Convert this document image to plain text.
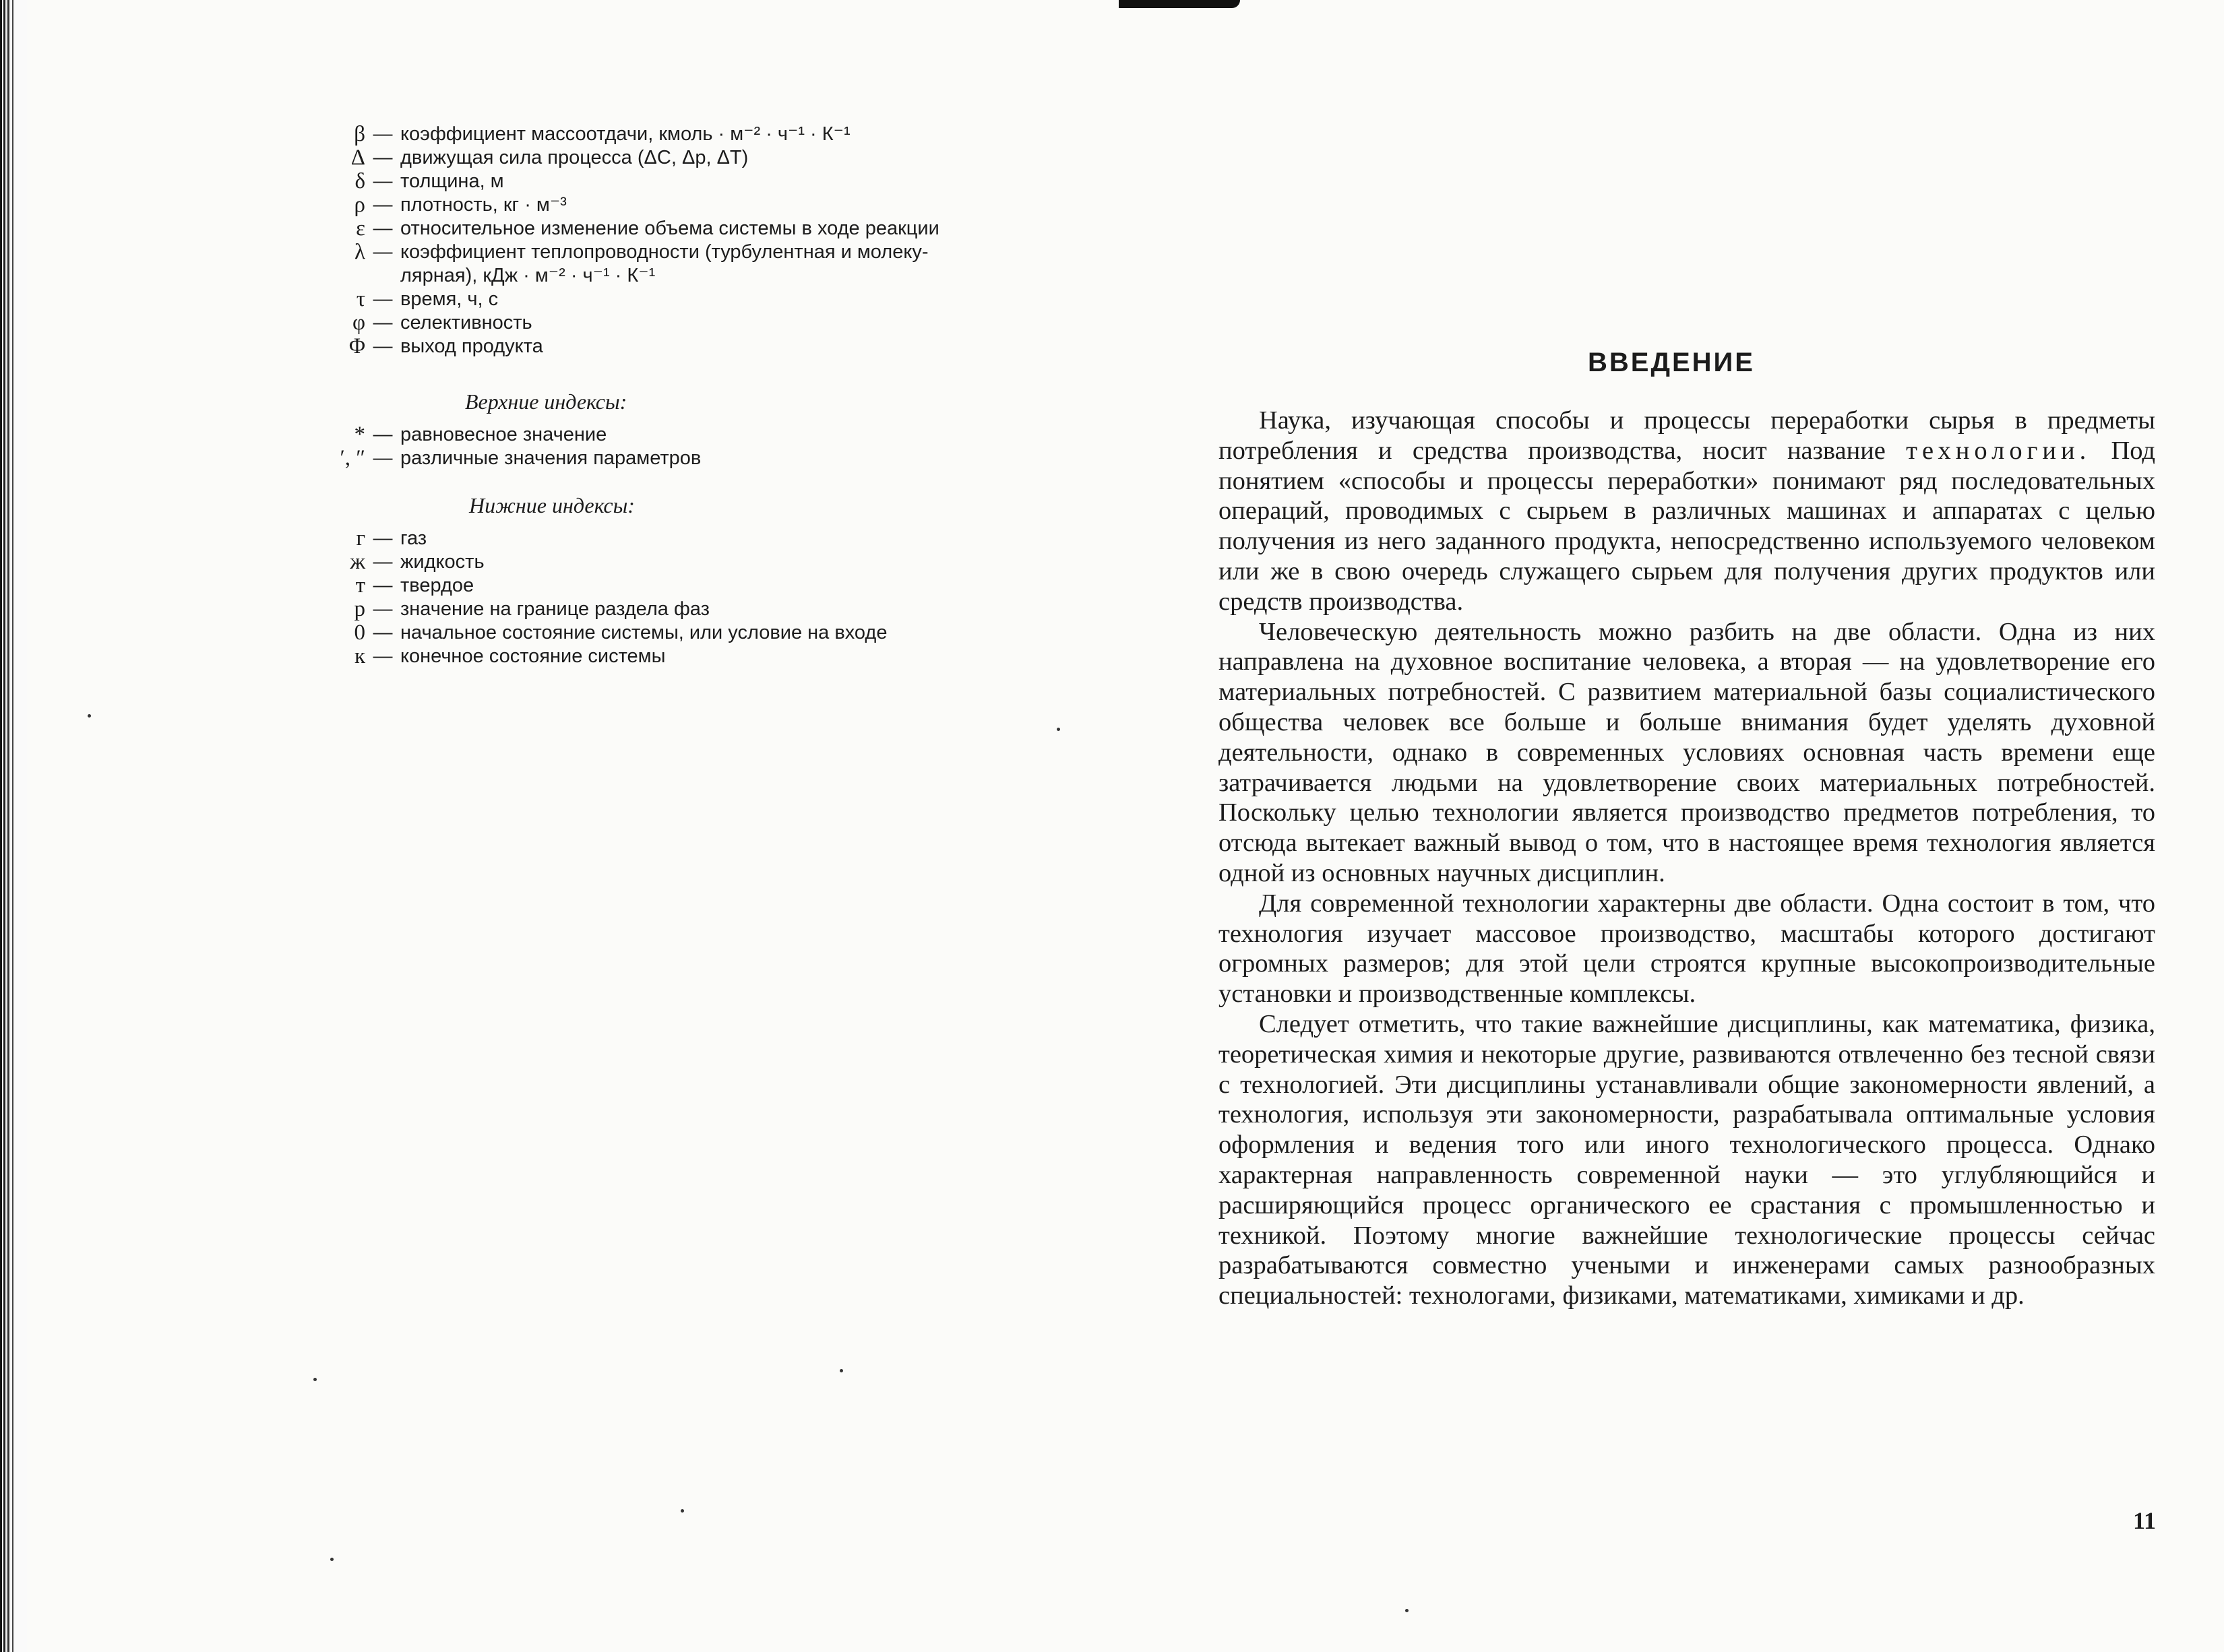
β — коэффициент массоотдачи, кмоль · м⁻² · ч⁻¹ · К⁻¹
Δ — движущая сила процесса (ΔC, Δp, ΔT)
δ — толщина, м
ρ — плотность, кг · м⁻³
ε — относительное изменение объема системы в ходе реакции
λ — коэффициент теплопроводности (турбулентная и молеку-
лярная), кДж · м⁻² · ч⁻¹ · К⁻¹
τ — время, ч, с
φ — селективность
Φ — выход продукта
Верхние индексы:
* — равновесное значение
′, ″ — различные значения параметров
Нижние индексы:
г — газ
ж — жидкость
т — твердое
р — значение на границе раздела фаз
0 — начальное состояние системы, или условие на входе
к — конечное состояние системы
ВВЕДЕНИЕ

Наука, изучающая способы и процессы переработки сырья в предметы потребления и средства производства, носит название технологии. Под понятием «способы и процессы переработки» понимают ряд последовательных операций, проводимых с сырьем в различных машинах и аппаратах с целью получения из него заданного продукта, непосредственно используемого человеком или же в свою очередь служащего сырьем для получения других продуктов или средств производства.

Человеческую деятельность можно разбить на две области. Одна из них направлена на духовное воспитание человека, а вторая — на удовлетворение его материальных потребностей. С развитием материальной базы социалистического общества человек все больше и больше внимания будет уделять духовной деятельности, однако в современных условиях основная часть времени еще затрачивается людьми на удовлетворение своих материальных потребностей. Поскольку целью технологии является производство предметов потребления, то отсюда вытекает важный вывод о том, что в настоящее время технология является одной из основных научных дисциплин.

Для современной технологии характерны две области. Одна состоит в том, что технология изучает массовое производство, масштабы которого достигают огромных размеров; для этой цели строятся крупные высокопроизводительные установки и производственные комплексы.

Следует отметить, что такие важнейшие дисциплины, как математика, физика, теоретическая химия и некоторые другие, развиваются отвлеченно без тесной связи с технологией. Эти дисциплины устанавливали общие закономерности явлений, а технология, используя эти закономерности, разрабатывала оптимальные условия оформления и ведения того или иного технологического процесса. Однако характерная направленность современной науки — это углубляющийся и расширяющийся процесс органического ее срастания с промышленностью и техникой. Поэтому многие важнейшие технологические процессы сейчас разрабатываются совместно учеными и инженерами самых разнообразных специальностей: технологами, физиками, математиками, химиками и др.

11
